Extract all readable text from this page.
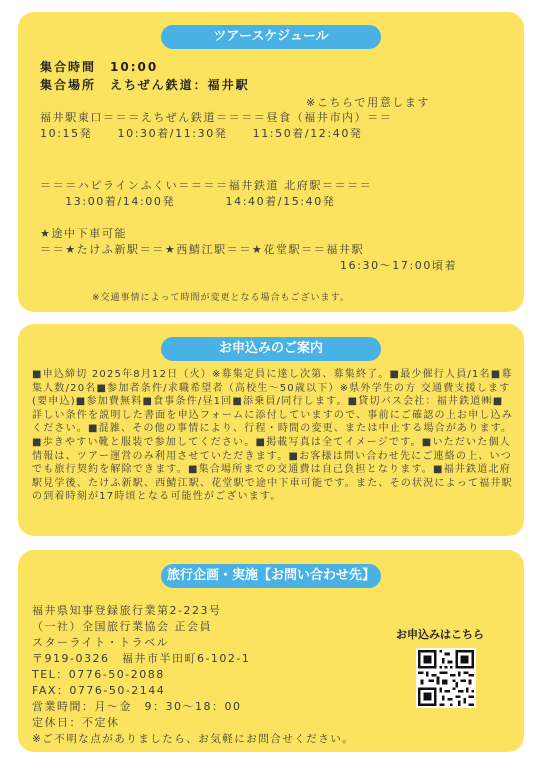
ツアースケジュール
集合時間　10:00
集合場所　えちぜん鉄道：福井駅
※こちらで用意します
福井駅東口＝＝＝えちぜん鉄道＝＝＝＝昼食（福井市内）＝＝
10:15発　　10:30着/11:30発　　11:50着/12:40発
＝＝＝ハピラインふくい＝＝＝＝福井鉄道 北府駅＝＝＝＝
　　13:00着/14:00発　　　　14:40着/15:40発
★途中下車可能
＝＝★たけふ新駅＝＝★西鯖江駅＝＝★花堂駅＝＝福井駅
16:30〜17:00頃着
※交通事情によって時間が変更となる場合もございます。
お申込みのご案内

■申込締切 2025年8月12日（火）※募集定員に達し次第、募集終了。■最少催行人員/1名■募集人数/20名■参加者条件/求職希望者（高校生〜50歳以下）※県外学生の方 交通費支援します(要申込)■参加費無料■食事条件/昼1回■添乗員/同行します。■貸切バス会社：福井鉄道㈱■詳しい条件を説明した書面を申込フォームに添付していますので、事前にご確認の上お申し込みください。■混雑、その他の事情により、行程・時間の変更、または中止する場合があります。■歩きやすい靴と服装で参加してください。■掲載写真は全てイメージです。■いただいた個人情報は、ツアー運営のみ利用させていただきます。■お客様は問い合わせ先にご連絡の上、いつでも旅行契約を解除できます。■集合場所までの交通費は自己負担となります。■福井鉄道北府駅見学後、たけふ新駅、西鯖江駅、花堂駅で途中下車可能です。また、その状況によって福井駅の到着時刻が17時頃となる可能性がございます。

旅行企画・実施【お問い合わせ先】
福井県知事登録旅行業第2-223号
（一社）全国旅行業協会 正会員
スターライト・トラベル
〒919-0326　福井市半田町6-102-1
TEL：0776-50-2088
FAX：0776-50-2144
営業時間：月〜金　9：30〜18：00
定休日：不定休
※ご不明な点がありましたら、お気軽にお問合せください。
お申込みはこちら
